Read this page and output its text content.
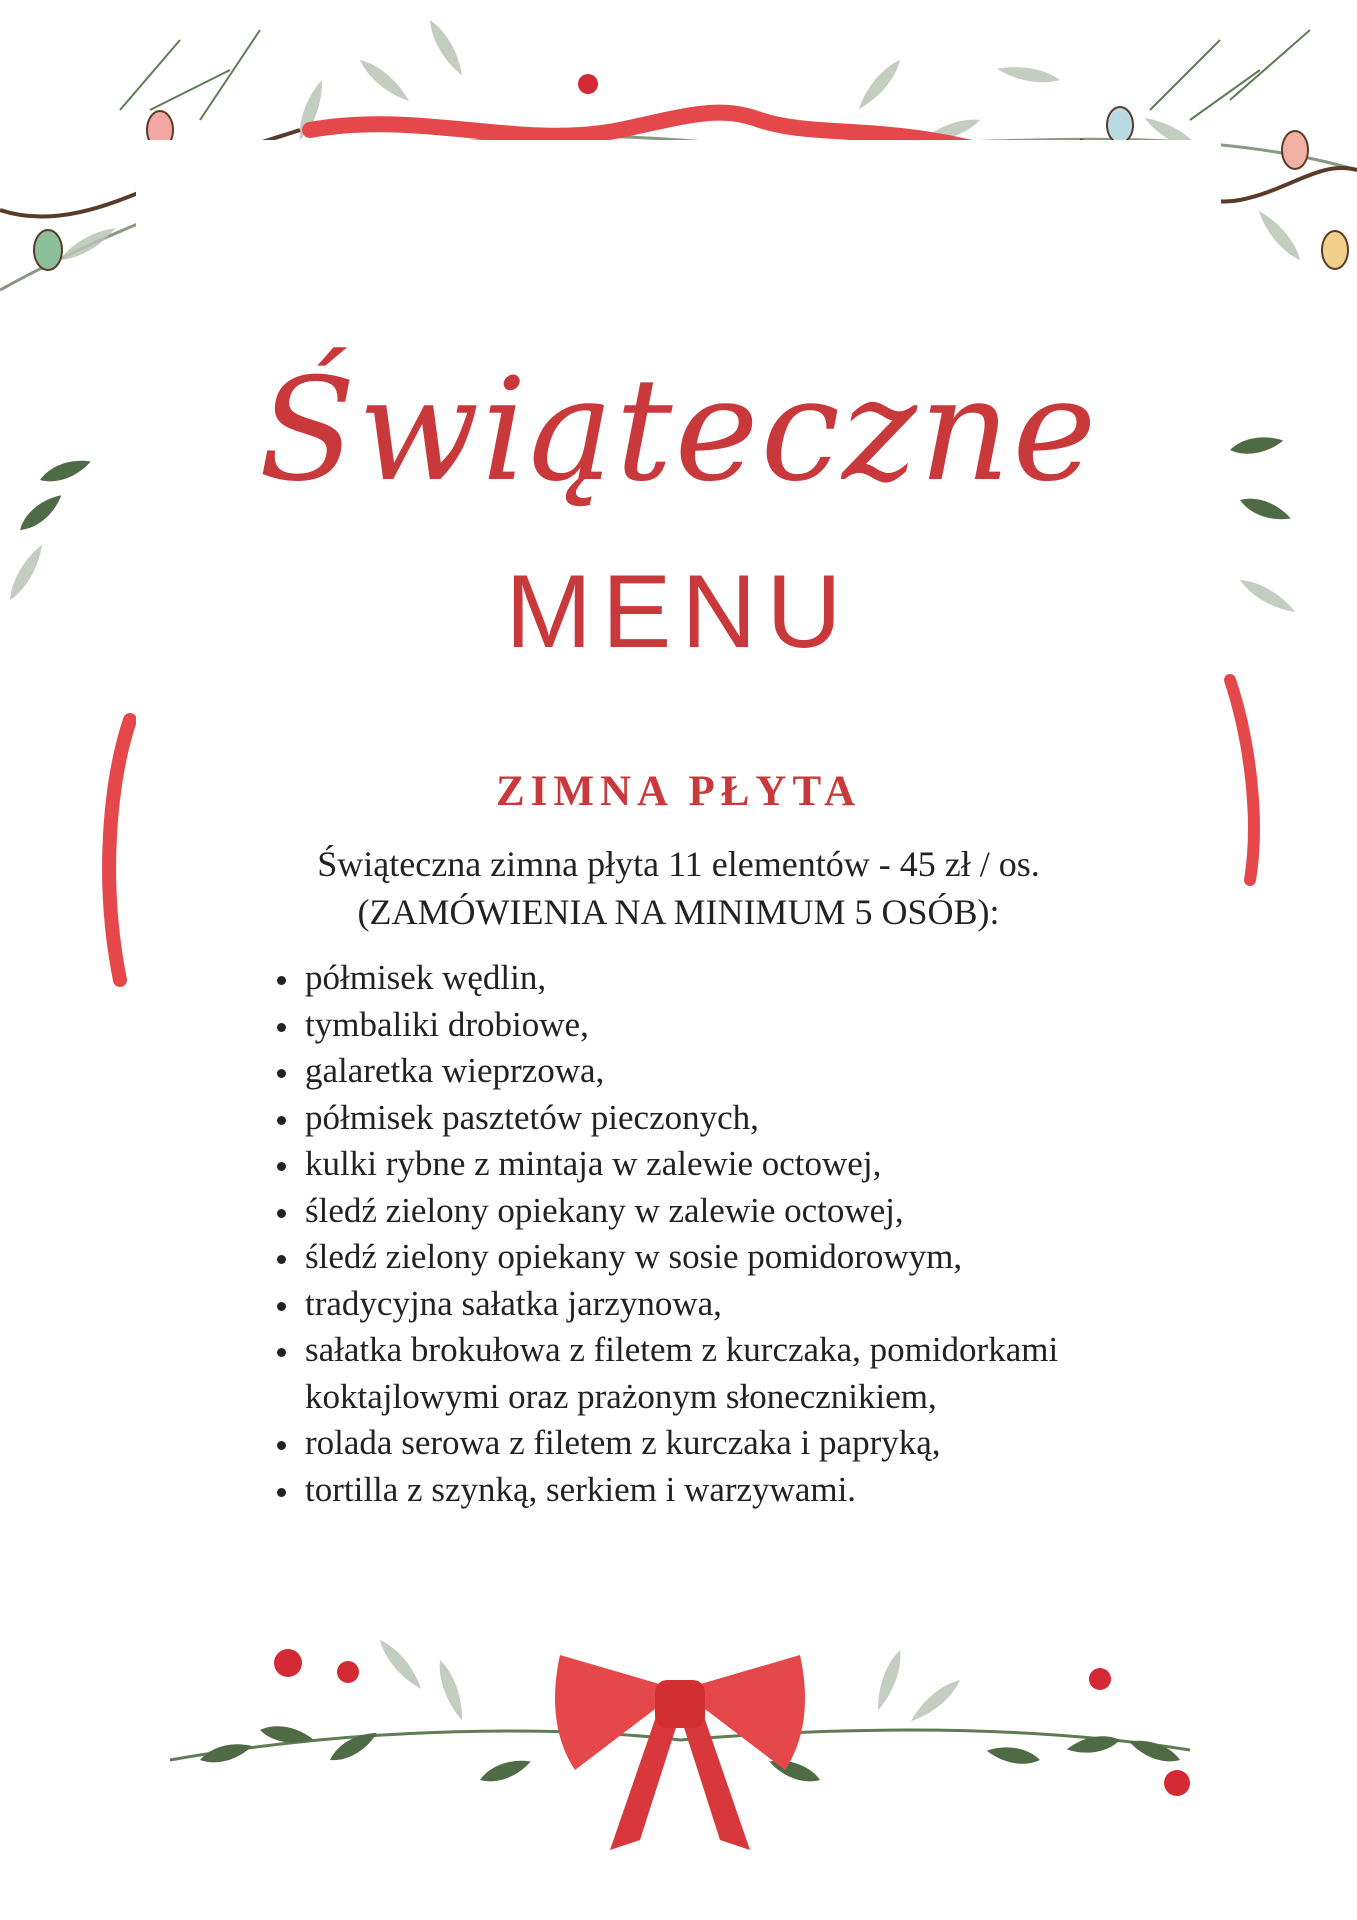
Świąteczne
MENU
ZIMNA PŁYTA
Świąteczna zimna płyta 11 elementów - 45 zł / os.
(ZAMÓWIENIA NA MINIMUM 5 OSÓB):
• półmisek wędlin,
• tymbaliki drobiowe,
• galaretka wieprzowa,
• półmisek pasztetów pieczonych,
• kulki rybne z mintaja w zalewie octowej,
• śledź zielony opiekany w zalewie octowej,
• śledź zielony opiekany w sosie pomidorowym,
• tradycyjna sałatka jarzynowa,
• sałatka brokułowa z filetem z kurczaka, pomidorkami koktajlowymi oraz prażonym słonecznikiem,
• rolada serowa z filetem z kurczaka i papryką,
• tortilla z szynką, serkiem i warzywami.
